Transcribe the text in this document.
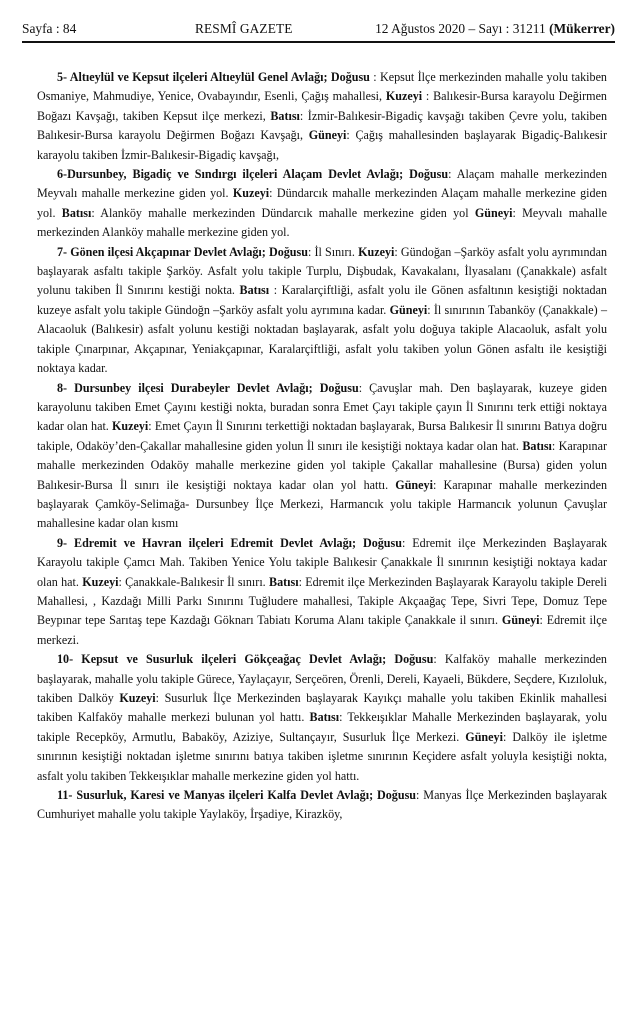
Sayfa : 84	RESMÎ GAZETE	12 Ağustos 2020 – Sayı : 31211 (Mükerrer)

5- Altıeylül ve Kepsut ilçeleri Altıeylül Genel Avlağı; Doğusu : Kepsut İlçe merkezinden mahalle yolu takiben Osmaniye, Mahmudiye, Yenice, Ovabayındır, Esenli, Çağış mahallesi, Kuzeyi : Balıkesir-Bursa karayolu Değirmen Boğazı Kavşağı, takiben Kepsut ilçe merkezi, Batısı: İzmir-Balıkesir-Bigadiç kavşağı takiben Çevre yolu, takiben Balıkesir-Bursa karayolu Değirmen Boğazı Kavşağı, Güneyi: Çağış mahallesinden başlayarak Bigadiç-Balıkesir karayolu takiben İzmir-Balıkesir-Bigadiç kavşağı,

6-Dursunbey, Bigadiç ve Sındırgı ilçeleri Alaçam Devlet Avlağı; Doğusu: Alaçam mahalle merkezinden Meyvalı mahalle merkezine giden yol. Kuzeyi: Dündarcık mahalle merkezinden Alaçam mahalle merkezine giden yol. Batısı: Alanköy mahalle merkezinden Dündarcık mahalle merkezine giden yol Güneyi: Meyvalı mahalle merkezinden Alanköy mahalle merkezine giden yol.

7- Gönen ilçesi Akçapınar Devlet Avlağı; Doğusu: İl Sınırı. Kuzeyi: Gündoğan –Şarköy asfalt yolu ayrımından başlayarak asfaltı takiple Şarköy. Asfalt yolu takiple Turplu, Dişbudak, Kavakalanı, İlyasalanı (Çanakkale) asfalt yolunu takiben İl Sınırını kestiği nokta. Batısı : Karalarçiftliği, asfalt yolu ile Gönen asfaltının kesiştiği noktadan kuzeye asfalt yolu takiple Gündoğn –Şarköy asfalt yolu ayrımına kadar. Güneyi: İl sınırının Tabanköy (Çanakkale) – Alacaoluk (Balıkesir) asfalt yolunu kestiği noktadan başlayarak, asfalt yolu doğuya takiple Alacaoluk, asfalt yolu takiple Çınarpınar, Akçapınar, Yeniakçapınar, Karalarçiftliği, asfalt yolu takiben yolun Gönen asfaltı ile kesiştiği noktaya kadar.

8- Dursunbey ilçesi Durabeyler Devlet Avlağı; Doğusu: Çavuşlar mah. Den başlayarak, kuzeye giden karayolunu takiben Emet Çayını kestiği nokta, buradan sonra Emet Çayı takiple çayın İl Sınırını terk ettiği noktaya kadar olan hat. Kuzeyi: Emet Çayın İl Sınırını terkettiği noktadan başlayarak, Bursa Balıkesir İl sınırını Batıya doğru takiple, Odaköy’den-Çakallar mahallesine giden yolun İl sınırı ile kesiştiği noktaya kadar olan hat. Batısı: Karapınar mahalle merkezinden Odaköy mahalle merkezine giden yol takiple Çakallar mahallesine (Bursa) giden yolun Balıkesir-Bursa İl sınırı ile kesiştiği noktaya kadar olan yol hattı. Güneyi: Karapınar mahalle merkezinden başlayarak Çamköy-Selimağa- Dursunbey İlçe Merkezi, Harmancık yolu takiple Harmancık yolunun Çavuşlar mahallesine kadar olan kısmı

9- Edremit ve Havran ilçeleri Edremit Devlet Avlağı; Doğusu: Edremit ilçe Merkezinden Başlayarak Karayolu takiple Çamcı Mah. Takiben Yenice Yolu takiple Balıkesir Çanakkale İl sınırının kesiştiği noktaya kadar olan hat. Kuzeyi: Çanakkale-Balıkesir İl sınırı. Batısı: Edremit ilçe Merkezinden Başlayarak Karayolu takiple Dereli Mahallesi, , Kazdağı Milli Parkı Sınırını Tuğludere mahallesi, Takiple Akçaağaç Tepe, Sivri Tepe, Domuz Tepe Beypınar tepe Sarıtaş tepe Kazdağı Göknarı Tabiatı Koruma Alanı takiple Çanakkale il sınırı. Güneyi: Edremit ilçe merkezi.

10- Kepsut ve Susurluk ilçeleri Gökçeağaç Devlet Avlağı; Doğusu: Kalfaköy mahalle merkezinden başlayarak, mahalle yolu takiple Gürece, Yaylaçayır, Serçeören, Örenli, Dereli, Kayaeli, Bükdere, Seçdere, Kızıloluk, takiben Dalköy Kuzeyi: Susurluk İlçe Merkezinden başlayarak Kayıkçı mahalle yolu takiben Ekinlik mahallesi takiben Kalfaköy mahalle merkezi bulunan yol hattı. Batısı: Tekkeışıklar Mahalle Merkezinden başlayarak, yolu takiple Recepköy, Armutlu, Babaköy, Aziziye, Sultançayır, Susurluk İlçe Merkezi. Güneyi: Dalköy ile işletme sınırının kesiştiği noktadan işletme sınırını batıya takiben işletme sınırının Keçidere asfalt yoluyla kesiştiği nokta, asfalt yolu takiben Tekkeışıklar mahalle merkezine giden yol hattı.

11- Susurluk, Karesi ve Manyas ilçeleri Kalfa Devlet Avlağı; Doğusu: Manyas İlçe Merkezinden başlayarak Cumhuriyet mahalle yolu takiple Yaylaköy, İrşadiye, Kirazköy,
